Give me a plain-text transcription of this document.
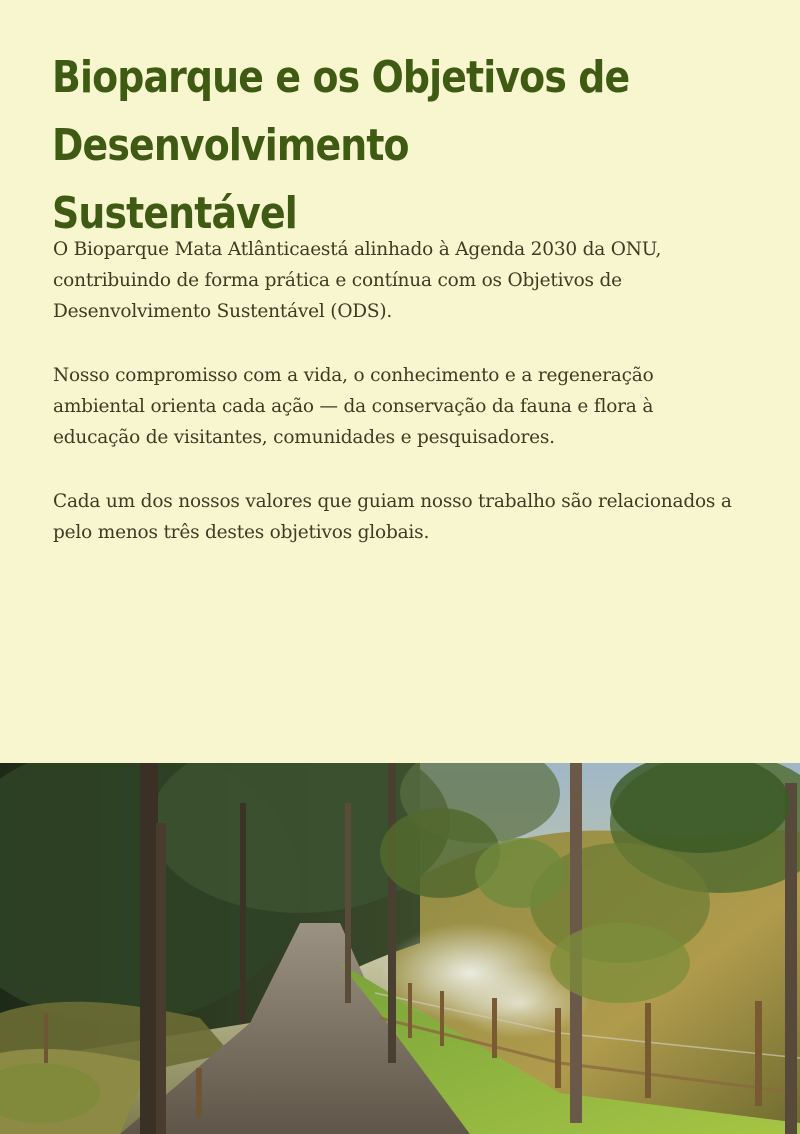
Bioparque e os Objetivos de
Desenvolvimento Sustentável

O Bioparque Mata Atlânticaestá alinhado à Agenda 2030 da ONU, contribuindo de forma prática e contínua com os Objetivos de Desenvolvimento Sustentável (ODS).

Nosso compromisso com a vida, o conhecimento e a regeneração ambiental orienta cada ação — da conservação da fauna e flora à educação de visitantes, comunidades e pesquisadores.

Cada um dos nossos valores que guiam nosso trabalho são relacionados a pelo menos três destes objetivos globais.
